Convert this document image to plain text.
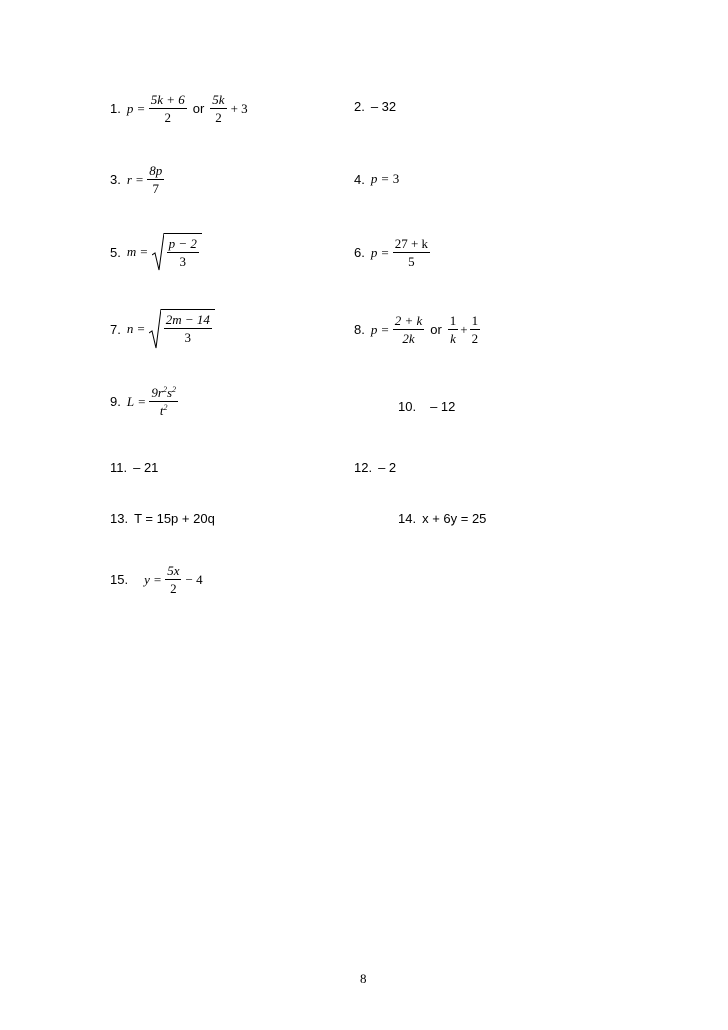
1. $p = \frac{5k + 6}{2}$ or $\frac{5k}{2} + 3$	2. – 32
3. $r = \frac{8p}{7}$	4. p = 3
5. $m = \frac{p - 2}{3}$	6. $p = \frac{27 + k}{5}$
7. $n = \frac{2m - 14}{3}$	8. $p = \frac{2 + k}{2k}$ or $\frac{1}{k} + \frac{1}{2}$
9. $L = \frac{9r^2s^2}{t^2}$	10. – 12
11. – 21	12. – 2
13. T = 15p + 20q	14. x + 6y = 25
15. $y = \frac{5x}{2} - 4$
8
